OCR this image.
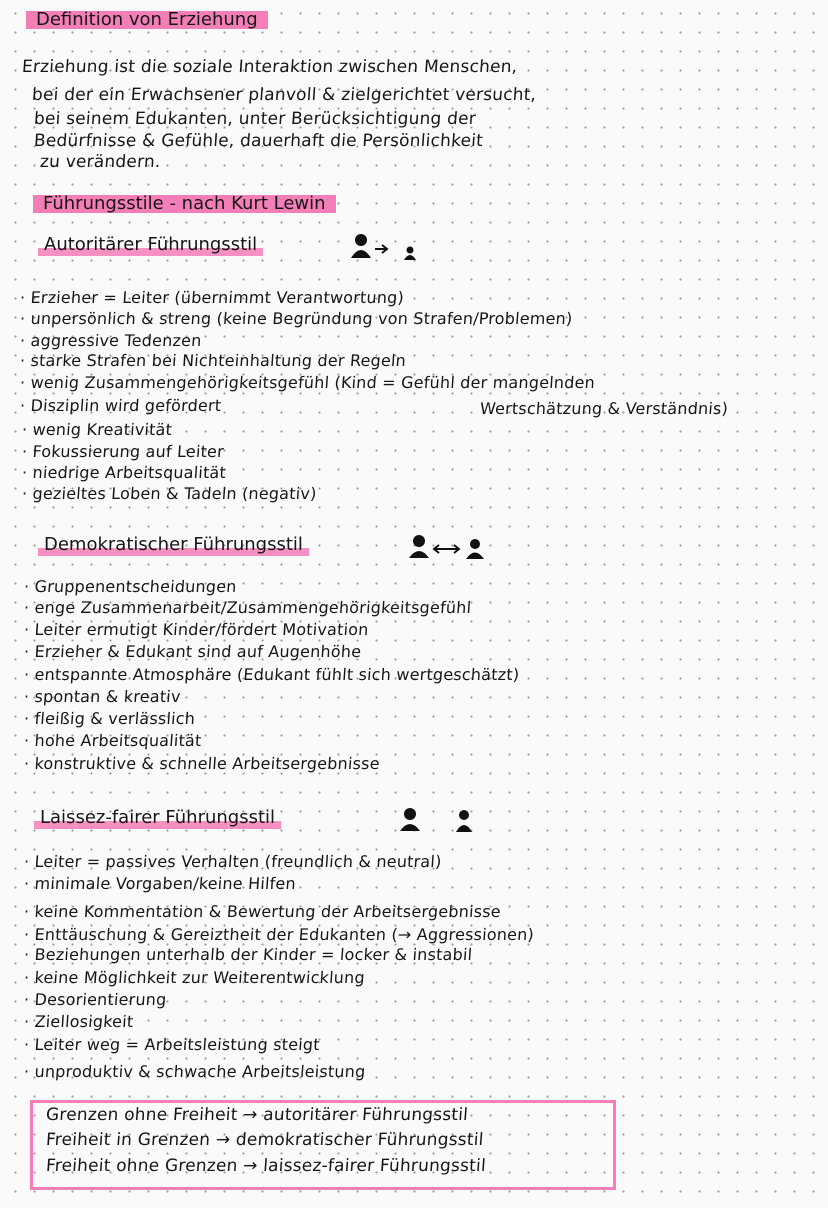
Definition von Erziehung
Erziehung ist die soziale Interaktion zwischen Menschen,
bei der ein Erwachsener planvoll & zielgerichtet versucht,
bei seinem Edukanten, unter Berücksichtigung der
Bedürfnisse & Gefühle, dauerhaft die Persönlichkeit
zu verändern.
Führungsstile - nach Kurt Lewin
Autoritärer Führungsstil
· Erzieher = Leiter (übernimmt Verantwortung)
· unpersönlich & streng (keine Begründung von Strafen/Problemen)
· aggressive Tedenzen
· starke Strafen bei Nichteinhaltung der Regeln
· wenig Zusammengehörigkeitsgefühl (Kind = Gefühl der mangelnden
· Disziplin wird gefördert	Wertschätzung & Verständnis)
· wenig Kreativität
· Fokussierung auf Leiter
· niedrige Arbeitsqualität
· gezieltes Loben & Tadeln (negativ)
Demokratischer Führungsstil
· Gruppenentscheidungen
· enge Zusammenarbeit/Zusammengehörigkeitsgefühl
· Leiter ermutigt Kinder/fördert Motivation
· Erzieher & Edukant sind auf Augenhöhe
· entspannte Atmosphäre (Edukant fühlt sich wertgeschätzt)
· spontan & kreativ
· fleißig & verlässlich
· hohe Arbeitsqualität
· konstruktive & schnelle Arbeitsergebnisse
Laissez-fairer Führungsstil
· Leiter = passives Verhalten (freundlich & neutral)
· minimale Vorgaben/keine Hilfen
· keine Kommentation & Bewertung der Arbeitsergebnisse
· Enttäuschung & Gereiztheit der Edukanten (→ Aggressionen)
· Beziehungen unterhalb der Kinder = locker & instabil
· keine Möglichkeit zur Weiterentwicklung
· Desorientierung
· Ziellosigkeit
· Leiter weg = Arbeitsleistung steigt
· unproduktiv & schwache Arbeitsleistung
Grenzen ohne Freiheit → autoritärer Führungsstil
Freiheit in Grenzen → demokratischer Führungsstil
Freiheit ohne Grenzen → laissez-fairer Führungsstil
